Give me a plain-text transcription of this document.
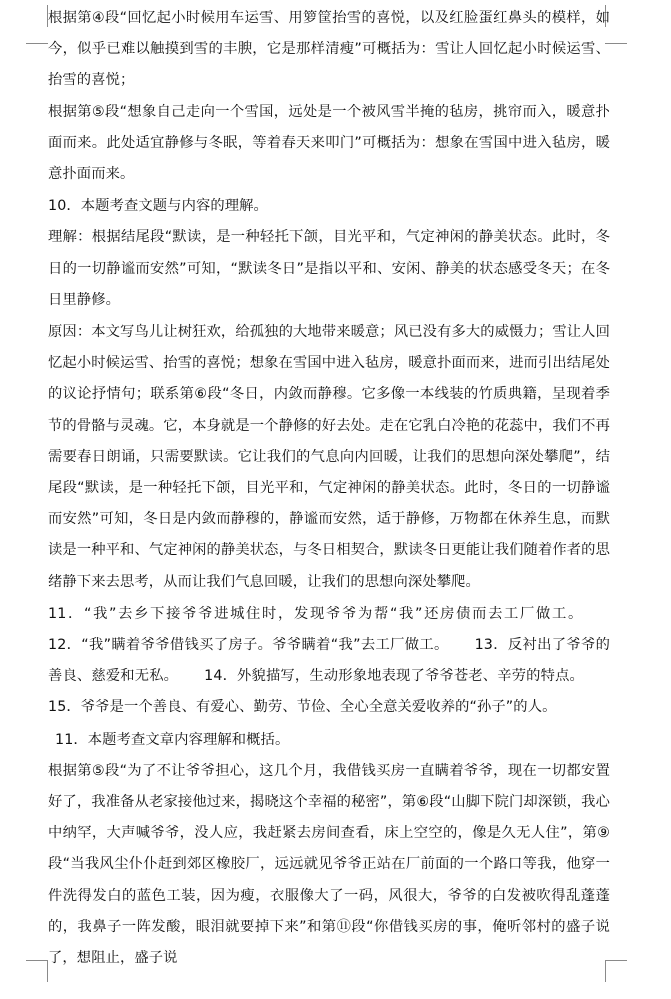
根据第④段“回忆起小时候用车运雪、用箩筐抬雪的喜悦，以及红脸蛋红鼻头的模样，如今，似乎已难以触摸到雪的丰腴，它是那样清瘦”可概括为：雪让人回忆起小时候运雪、抬雪的喜悦；

根据第⑤段“想象自己走向一个雪国，远处是一个被风雪半掩的毡房，挑帘而入，暖意扑面而来。此处适宜静修与冬眠，等着春天来叩门”可概括为：想象在雪国中进入毡房，暖意扑面而来。

10．本题考查文题与内容的理解。

理解：根据结尾段“默读，是一种轻托下颌，目光平和，气定神闲的静美状态。此时，冬日的一切静谧而安然”可知，“默读冬日”是指以平和、安闲、静美的状态感受冬天；在冬日里静修。

原因：本文写鸟儿让树狂欢，给孤独的大地带来暖意；风已没有多大的威慑力；雪让人回忆起小时候运雪、抬雪的喜悦；想象在雪国中进入毡房，暖意扑面而来，进而引出结尾处的议论抒情句；联系第⑥段“冬日，内敛而静穆。它多像一本线装的竹质典籍，呈现着季节的骨骼与灵魂。它，本身就是一个静修的好去处。走在它乳白冷艳的花蕊中，我们不再需要春日朗诵，只需要默读。它让我们的气息向内回暖，让我们的思想向深处攀爬”，结尾段“默读，是一种轻托下颌，目光平和，气定神闲的静美状态。此时，冬日的一切静谧而安然”可知，冬日是内敛而静穆的，静谧而安然，适于静修，万物都在休养生息，而默读是一种平和、气定神闲的静美状态，与冬日相契合，默读冬日更能让我们随着作者的思绪静下来去思考，从而让我们气息回暖，让我们的思想向深处攀爬。

11．“我”去乡下接爷爷进城住时，发现爷爷为帮“我”还房债而去工厂做工。12．“我”瞒着爷爷借钱买了房子。爷爷瞒着“我”去工厂做工。 13．反衬出了爷爷的善良、慈爱和无私。 14．外貌描写，生动形象地表现了爷爷苍老、辛劳的特点。15．爷爷是一个善良、有爱心、勤劳、节俭、全心全意关爱收养的“孙子”的人。

11．本题考查文章内容理解和概括。

根据第⑤段“为了不让爷爷担心，这几个月，我借钱买房一直瞒着爷爷，现在一切都安置好了，我准备从老家接他过来，揭晓这个幸福的秘密”，第⑥段“山脚下院门却深锁，我心中纳罕，大声喊爷爷，没人应，我赶紧去房间查看，床上空空的，像是久无人住”，第⑨段“当我风尘仆仆赶到郊区橡胶厂，远远就见爷爷正站在厂前面的一个路口等我，他穿一件洗得发白的蓝色工装，因为瘦，衣服像大了一码，风很大，爷爷的白发被吹得乱蓬蓬的，我鼻子一阵发酸，眼泪就要掉下来”和第⑪段“你借钱买房的事，俺听邻村的盛子说了，想阻止，盛子说
